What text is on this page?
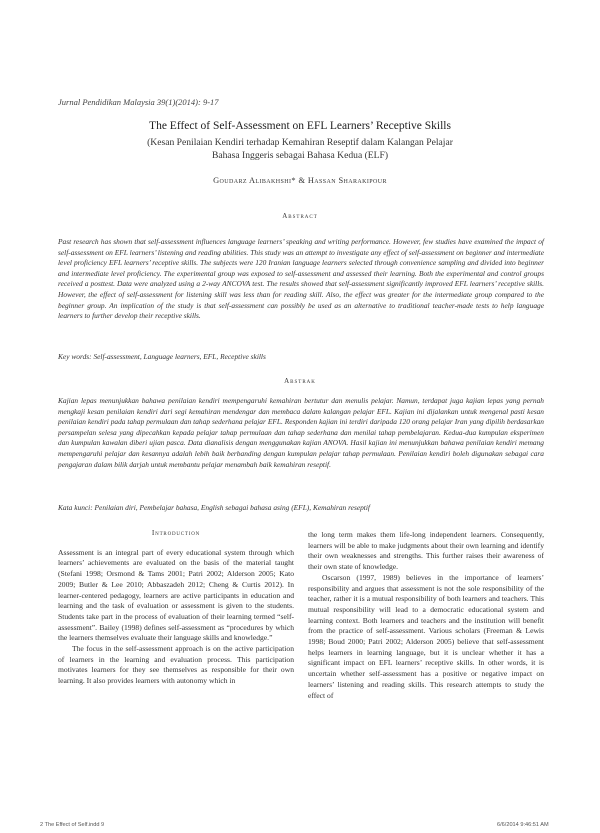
Jurnal Pendidikan Malaysia 39(1)(2014): 9-17
The Effect of Self-Assessment on EFL Learners’ Receptive Skills
(Kesan Penilaian Kendiri terhadap Kemahiran Reseptif dalam Kalangan Pelajar
Bahasa Inggeris sebagai Bahasa Kedua (ELF)
Goudarz Alibakhshi* & Hassan Sharakipour
Abstract
Past research has shown that self-assessment influences language learners’ speaking and writing performance. However, few studies have examined the impact of self-assessment on EFL learners’ listening and reading abilities. This study was an attempt to investigate any effect of self-assessment on beginner and intermediate level proficiency EFL learners’ receptive skills. The subjects were 120 Iranian language learners selected through convenience sampling and divided into beginner and intermediate level proficiency. The experimental group was exposed to self-assessment and assessed their learning. Both the experimental and control groups received a posttest. Data were analyzed using a 2-way ANCOVA test. The results showed that self-assessment significantly improved EFL learners’ receptive skills. However, the effect of self-assessment for listening skill was less than for reading skill. Also, the effect was greater for the intermediate group compared to the beginner group. An implication of the study is that self-assessment can possibly be used as an alternative to traditional teacher-made tests to help language learners to further develop their receptive skills.
Key words: Self-assessment, Language learners, EFL, Receptive skills
Abstrak
Kajian lepas menunjukkan bahawa penilaian kendiri mempengaruhi kemahiran bertutur dan menulis pelajar. Namun, terdapat juga kajian lepas yang pernah mengkaji kesan penilaian kendiri dari segi kemahiran mendengar dan membaca dalam kalangan pelajar EFL. Kajian ini dijalankan untuk mengenal pasti kesan penilaian kendiri pada tahap permulaan dan tahap sederhana pelajar EFL. Responden kajian ini terdiri daripada 120 orang pelajar Iran yang dipilih berdasarkan persampelan selesa yang dipecahkan kepada pelajar tahap permulaan dan tahap sederhana dan menilai tahap pembelajaran. Kedua-dua kumpulan eksperimen dan kumpulan kawalan diberi ujian pasca. Data dianalisis dengan menggunakan kajian ANOVA. Hasil kajian ini menunjukkan bahawa penilaian kendiri memang mempengaruhi pelajar dan kesannya adalah lebih baik berbanding dengan kumpulan pelajar tahap permulaan. Penilaian kendiri boleh digunakan sebagai cara pengajaran dalam bilik darjah untuk membantu pelajar menambah baik kemahiran reseptif.
Kata kunci: Penilaian diri, Pembelajar bahasa, English sebagai bahasa asing (EFL), Kemahiran reseptif
Introduction

Assessment is an integral part of every educational system through which learners’ achievements are evaluated on the basis of the material taught (Stefani 1998; Orsmond & Tams 2001; Patri 2002; Alderson 2005; Kato 2009; Butler & Lee 2010; Abbaszadeh 2012; Cheng & Curtis 2012). In learner-centered pedagogy, learners are active participants in education and learning and the task of evaluation or assessment is given to the students. Students take part in the process of evaluation of their learning termed “self-assessment”. Bailey (1998) defines self-assessment as “procedures by which the learners themselves evaluate their language skills and knowledge.”

The focus in the self-assessment approach is on the active participation of learners in the learning and evaluation process. This participation motivates learners for they see themselves as responsible for their own learning. It also provides learners with autonomy which in

the long term makes them life-long independent learners. Consequently, learners will be able to make judgments about their own learning and identify their own weaknesses and strengths. This further raises their awareness of their own state of knowledge.

Oscarson (1997, 1989) believes in the importance of learners’ responsibility and argues that assessment is not the sole responsibility of the teacher, rather it is a mutual responsibility of both learners and teachers. This mutual responsibility will lead to a democratic educational system and learning context. Both learners and teachers and the institution will benefit from the practice of self-assessment. Various scholars (Freeman & Lewis 1998; Boud 2000; Patri 2002; Alderson 2005) believe that self-assessment helps learners in learning language, but it is unclear whether it has a significant impact on EFL learners’ receptive skills. In other words, it is uncertain whether self-assessment has a positive or negative impact on learners’ listening and reading skills. This research attempts to study the effect of

2 The Effect of Self.indd 9	6/6/2014 9:46:51 AM
